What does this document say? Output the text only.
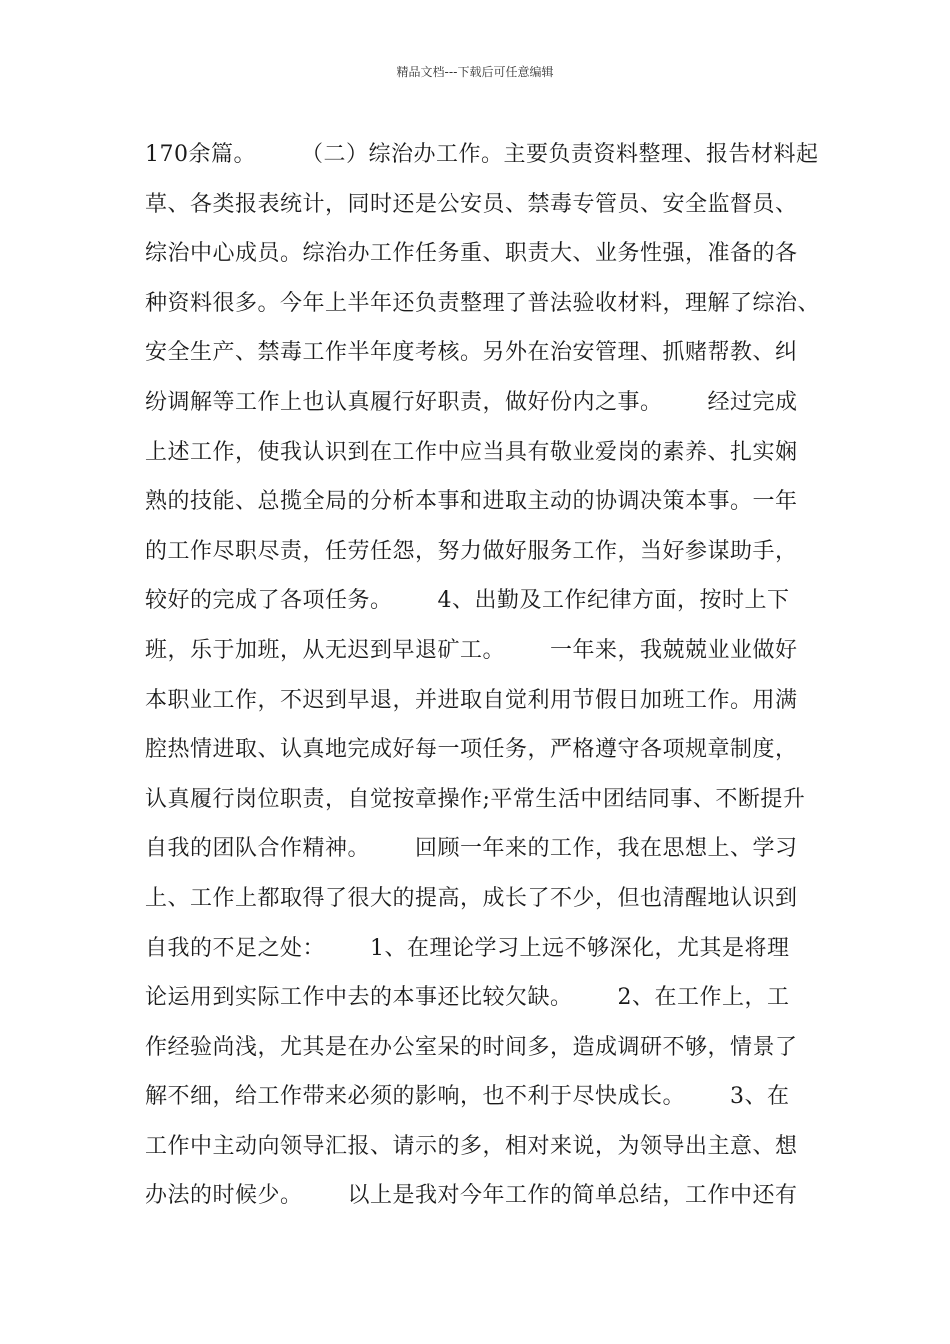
精品文档---下载后可任意编辑
170余篇。      （二）综治办工作。主要负责资料整理、报告材料起
草、各类报表统计，同时还是公安员、禁毒专管员、安全监督员、
综治中心成员。综治办工作任务重、职责大、业务性强，准备的各
种资料很多。今年上半年还负责整理了普法验收材料，理解了综治、
安全生产、禁毒工作半年度考核。另外在治安管理、抓赌帮教、纠
纷调解等工作上也认真履行好职责，做好份内之事。      经过完成
上述工作，使我认识到在工作中应当具有敬业爱岗的素养、扎实娴
熟的技能、总揽全局的分析本事和进取主动的协调决策本事。一年
的工作尽职尽责，任劳任怨，努力做好服务工作，当好参谋助手，
较好的完成了各项任务。      4、出勤及工作纪律方面，按时上下
班，乐于加班，从无迟到早退矿工。      一年来，我兢兢业业做好
本职业工作，不迟到早退，并进取自觉利用节假日加班工作。用满
腔热情进取、认真地完成好每一项任务，严格遵守各项规章制度，
认真履行岗位职责，自觉按章操作;平常生活中团结同事、不断提升
自我的团队合作精神。      回顾一年来的工作，我在思想上、学习
上、工作上都取得了很大的提高，成长了不少，但也清醒地认识到
自我的不足之处：      1、在理论学习上远不够深化，尤其是将理
论运用到实际工作中去的本事还比较欠缺。      2、在工作上，工
作经验尚浅，尤其是在办公室呆的时间多，造成调研不够，情景了
解不细，给工作带来必须的影响，也不利于尽快成长。      3、在
工作中主动向领导汇报、请示的多，相对来说，为领导出主意、想
办法的时候少。      以上是我对今年工作的简单总结，工作中还有
